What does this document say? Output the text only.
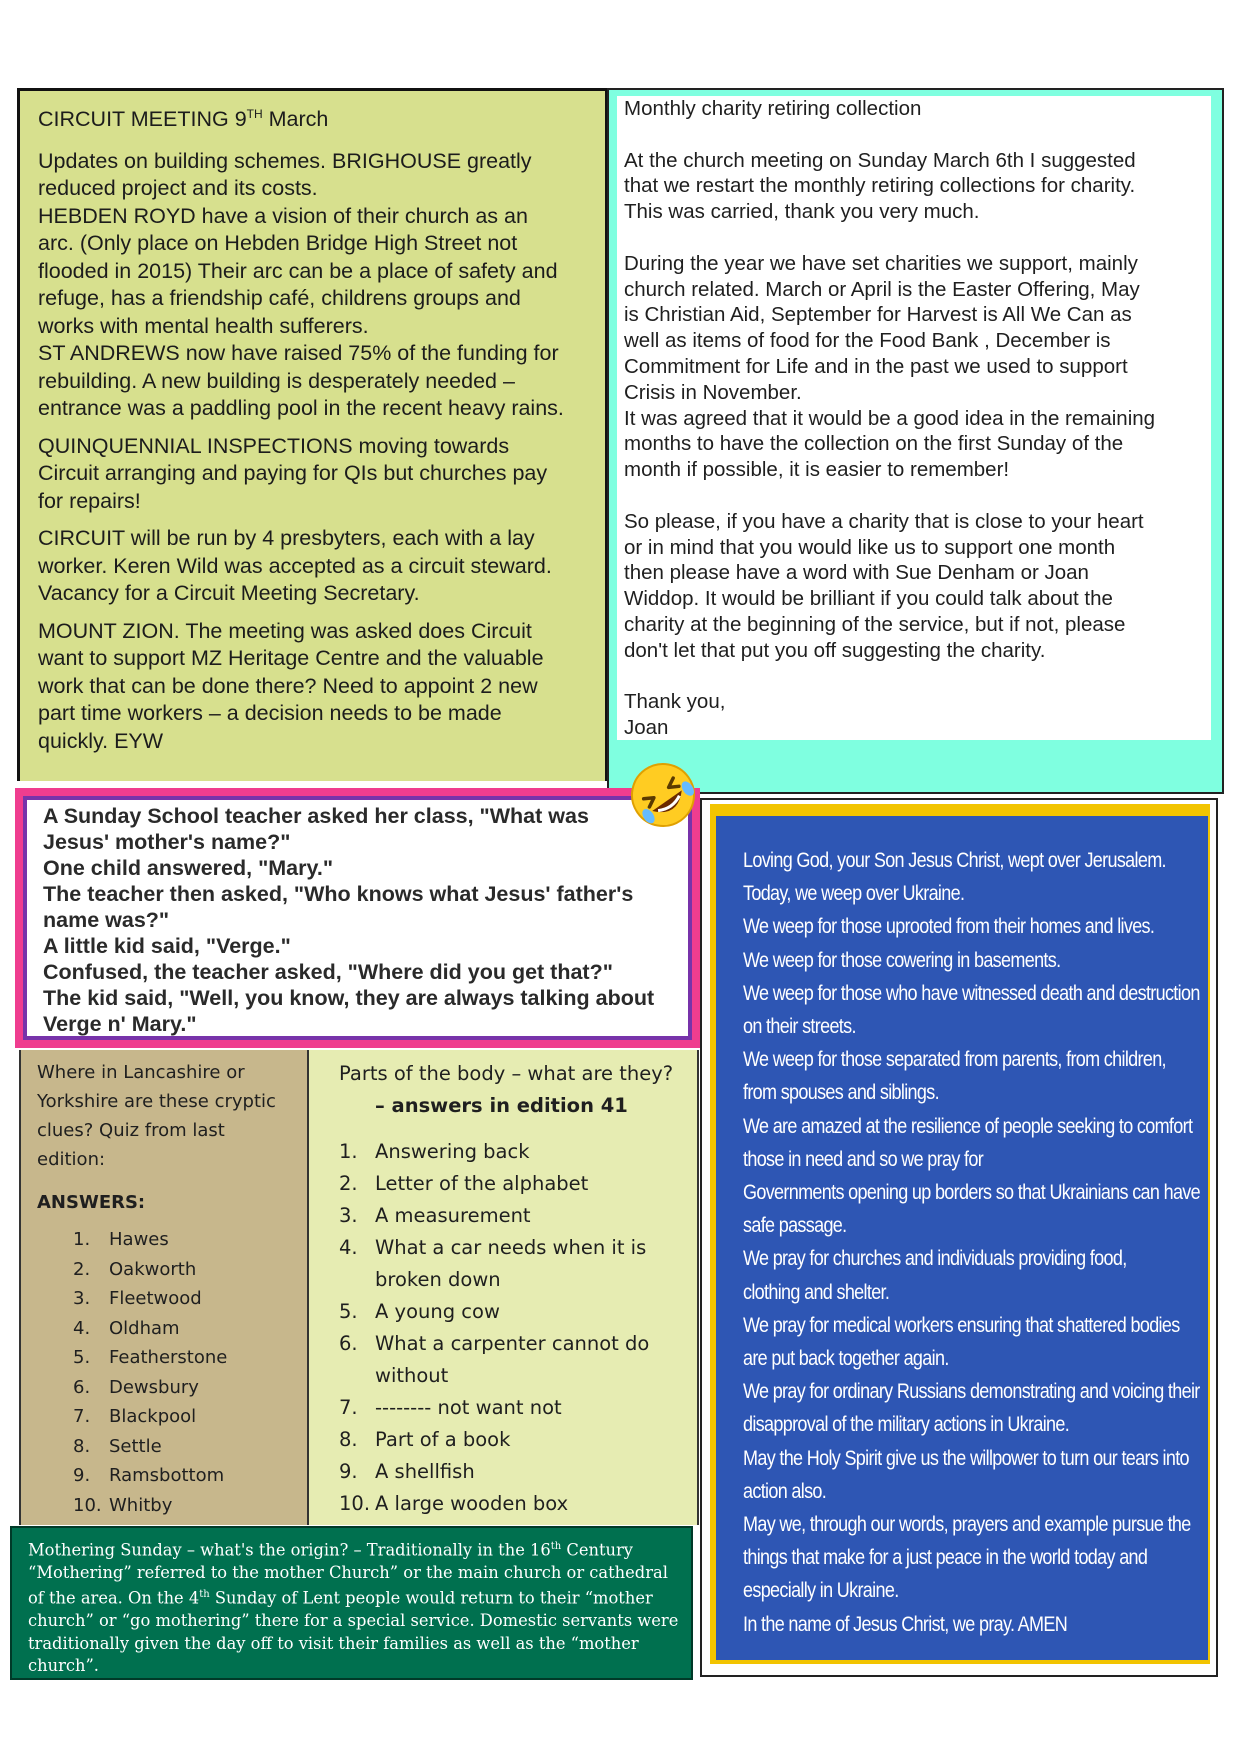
CIRCUIT MEETING 9TH March

Updates on building schemes. BRIGHOUSE greatly

reduced project and its costs.

HEBDEN ROYD have a vision of their church as an

arc. (Only place on Hebden Bridge High Street not

flooded in 2015) Their arc can be a place of safety and

refuge, has a friendship café, childrens groups and

works with mental health sufferers.

ST ANDREWS now have raised 75% of the funding for

rebuilding. A new building is desperately needed –

entrance was a paddling pool in the recent heavy rains.

QUINQUENNIAL INSPECTIONS moving towards

Circuit arranging and paying for QIs but churches pay

for repairs!

CIRCUIT will be run by 4 presbyters, each with a lay

worker. Keren Wild was accepted as a circuit steward.

Vacancy for a Circuit Meeting Secretary.

MOUNT ZION. The meeting was asked does Circuit

want to support MZ Heritage Centre and the valuable

work that can be done there? Need to appoint 2 new

part time workers – a decision needs to be made

quickly. EYW

Monthly charity retiring collection

At the church meeting on Sunday March 6th I suggested

that we restart the monthly retiring collections for charity.

This was carried, thank you very much.

During the year we have set charities we support, mainly

church related. March or April is the Easter Offering, May

is Christian Aid, September for Harvest is All We Can as

well as items of food for the Food Bank , December is

Commitment for Life and in the past we used to support

Crisis in November.

It was agreed that it would be a good idea in the remaining

months to have the collection on the first Sunday of the

month if possible, it is easier to remember!

So please, if you have a charity that is close to your heart

or in mind that you would like us to support one month

then please have a word with Sue Denham or Joan

Widdop. It would be brilliant if you could talk about the

charity at the beginning of the service, but if not, please

don't let that put you off suggesting the charity.

Thank you,

Joan

A Sunday School teacher asked her class, "What was

Jesus' mother's name?"

One child answered, "Mary."

The teacher then asked, "Who knows what Jesus' father's

name was?"

A little kid said, "Verge."

Confused, the teacher asked, "Where did you get that?"

The kid said, "Well, you know, they are always talking about

Verge n' Mary."

Where in Lancashire or

Yorkshire are these cryptic

clues? Quiz from last

edition:

ANSWERS:

1.	Hawes
2.	Oakworth
3.	Fleetwood
4.	Oldham
5.	Featherstone
6.	Dewsbury
7.	Blackpool
8.	Settle
9.	Ramsbottom
10. Whitby

Parts of the body – what are they?

– answers in edition 41

1. Answering back
2. Letter of the alphabet
3. A measurement
4. What a car needs when it is broken down
5. A young cow
6. What a carpenter cannot do without
7. -------- not want not
8. Part of a book
9. A shellfish
10. A large wooden box

Mothering Sunday – what's the origin? – Traditionally in the 16th Century “Mothering” referred to the mother Church” or the main church or cathedral of the area. On the 4th Sunday of Lent people would return to their “mother church” or “go mothering” there for a special service. Domestic servants were traditionally given the day off to visit their families as well as the “mother church”.

Loving God, your Son Jesus Christ, wept over Jerusalem.

Today, we weep over Ukraine.

We weep for those uprooted from their homes and lives.

We weep for those cowering in basements.

We weep for those who have witnessed death and destruction

on their streets.

We weep for those separated from parents, from children,

from spouses and siblings.

We are amazed at the resilience of people seeking to comfort

those in need and so we pray for

Governments opening up borders so that Ukrainians can have

safe passage.

We pray for churches and individuals providing food,

clothing and shelter.

We pray for medical workers ensuring that shattered bodies

are put back together again.

We pray for ordinary Russians demonstrating and voicing their

disapproval of the military actions in Ukraine.

May the Holy Spirit give us the willpower to turn our tears into

action also.

May we, through our words, prayers and example pursue the

things that make for a just peace in the world today and

especially in Ukraine.

In the name of Jesus Christ, we pray. AMEN
